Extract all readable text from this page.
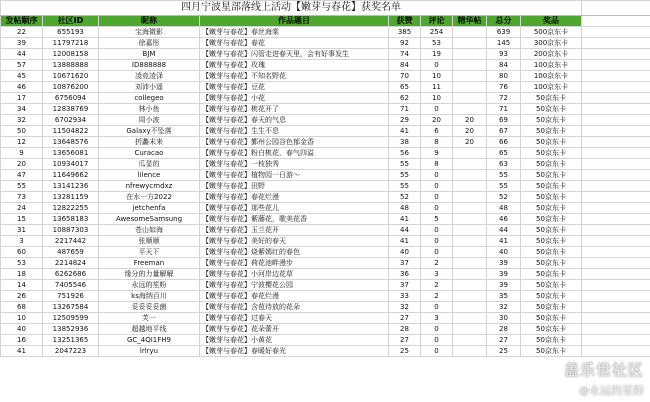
四月宁波星部落线上活动【嫩芽与春花】获奖名单									
发帖顺序	社区ID	昵称	作品题目	获赞	评论	精华帖	总分	奖品	
22	655193	宝海微影	【嫩芽与春花】春丝海棠	385	254		639	500京东卡	
39	11797218	徐嘉彤	【嫩芽与春花】春花	92	53		145	300京东卡	
44	12008158	BJM	【嫩芽与春花】闪管走进春天里，会有好事发生	74	19		93	200京东卡	
57	13888888	ID888888	【嫩芽与春花】玫瑰	84	0		84	100京东卡	
45	10671620	凌竞凌泽	【嫩芽与春花】不知名野花	70	10		80	100京东卡	
46	10876200	刘沛小遥	【嫩芽与春花】豆花	65	11		76	100京东卡	
17	6756094	collegeo	【嫩芽与春花】小花	62	10		72	50京东卡	
34	12838769	林小鱼	【嫩芽与春花】桃花开了	71	0		71	50京东卡	
32	6702934	周小波	【嫩芽与春花】春天的气息	29	20	20	69	50京东卡	
50	11504822	Galaxy不坠落	【嫩芽与春花】生生不息	41	6	20	67	50京东卡	
12	13648576	折蠡未来	【嫩芽与春花】鄞州公园谷色郁金香	38	8	20	66	50京东卡	
9	13656081	Curacao	【嫩芽与春花】粉白桃花，春气四溢	56	9		65	50京东卡	
20	10934017	瓜显的	【嫩芽与春花】一枝独秀	55	8		63	50京东卡	
47	11649662	lilence	【嫩芽与春花】植物园一日游～	55	0		55	50京东卡	
55	13141236	nfrewycmdxz	【嫩芽与春花】田野	55	0		55	50京东卡	
73	13281159	在水一方2022	【嫩芽与春花】春花烂漫	52	0		52	50京东卡	
24	12822255	jetchenfa	【嫩芽与春花】那些花儿	48	0		48	50京东卡	
15	13658183	AwesomeSamsung	【嫩芽与春花】紫藤花，歌美花香	41	5		46	50京东卡	
31	10887303	苍山如海	【嫩芽与春花】玉兰花开	44	0		44	50京东卡	
3	2217442	张顺顺	【嫩芽与春花】美好的春天	41	0		41	50京东卡	
60	487659	平天下	【嫩芽与春花】烧紫嫣红的春色	40	0		40	50京东卡	
53	2214824	Freeman	【嫩芽与春花】荷花池畔漫步	37	2		39	50京东卡	
18	6262686	缘分的力量解解	【嫩芽与春花】小河岸边花草	36	3		39	50京东卡	
14	7405546	永远的笙粉	【嫩芽与春花】宁波樱花公园	37	2		39	50京东卡	
26	751926	ks海纳百川	【嫩芽与春花】春花烂漫	33	2		35	50京东卡	
68	13267584	妥妥妥妥菌	【嫩芽与春花】含苞待放的花朵	32	0		32	50京东卡	
10	12509599	芙一	【嫩芽与春花】过春天	27	3		30	50京东卡	
40	13852936	超越地平线	【嫩芽与春花】花朵蕾开	28	0		28	50京东卡	
16	13251365	GC_4QI1FH9	【嫩芽与春花】小黄花	27	0		27	50京东卡	
41	2047223	lrlryu	【嫩芽与春花】春暖好春光	25	0		25	50京东卡	
盖乐世社区
@永远的星粉
